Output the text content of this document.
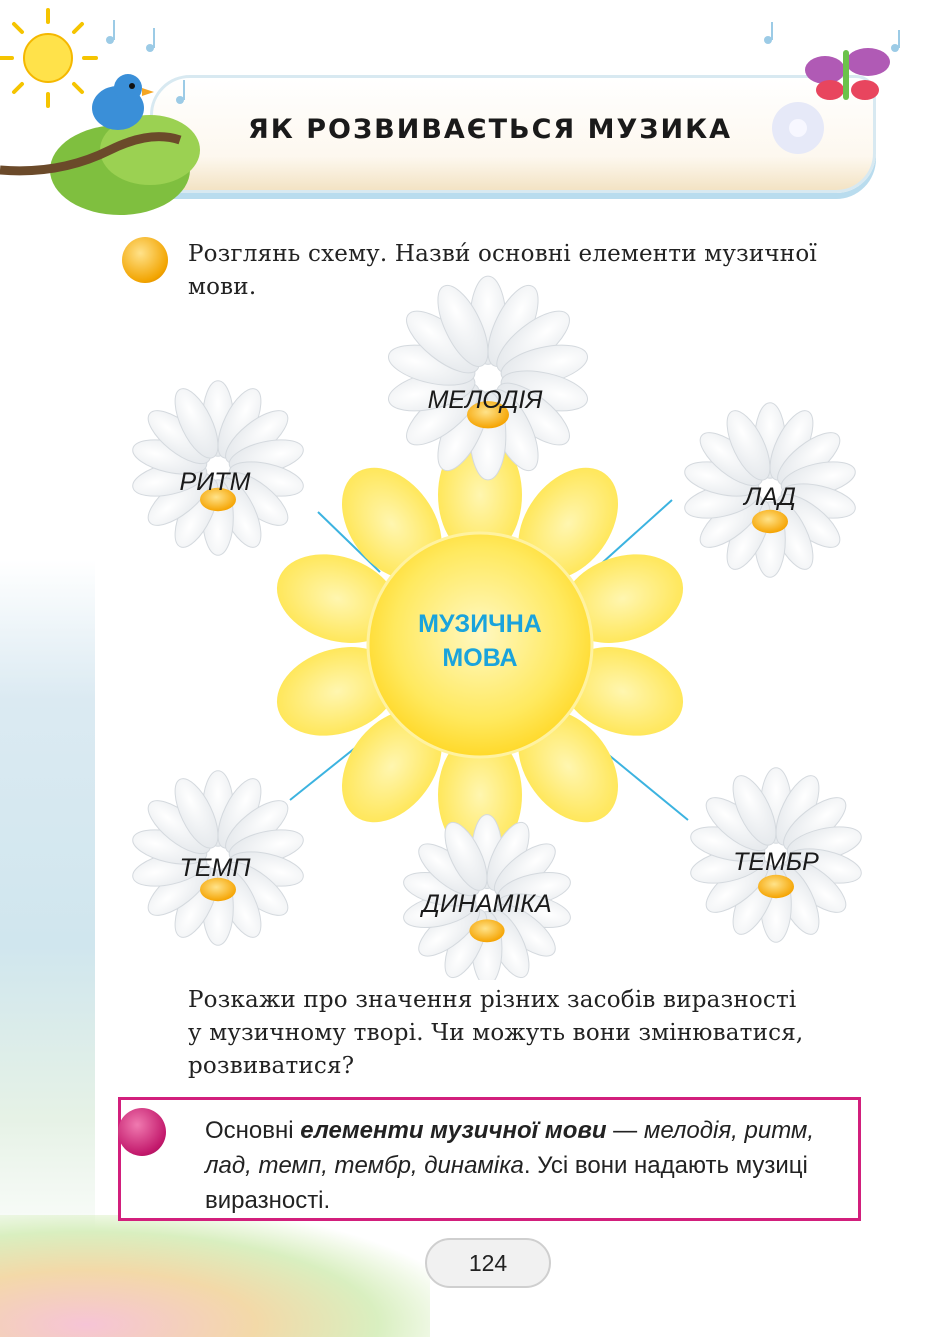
ЯК РОЗВИВАЄТЬСЯ МУЗИКА
Розглянь схему. Назви́ основні елементи музичної
мови.
МУЗИЧНА
МОВА
МЕЛОДІЯ
РИТМ
ЛАД
ТЕМП
ДИНАМІКА
ТЕМБР
Розкажи про значення різних засобів виразності
у музичному творі. Чи можуть вони змінюватися,
розвиватися?
Основні елементи музичної мови — мелодія, ритм, лад, темп, тембр, динаміка. Усі вони надають музиці виразності.
124
